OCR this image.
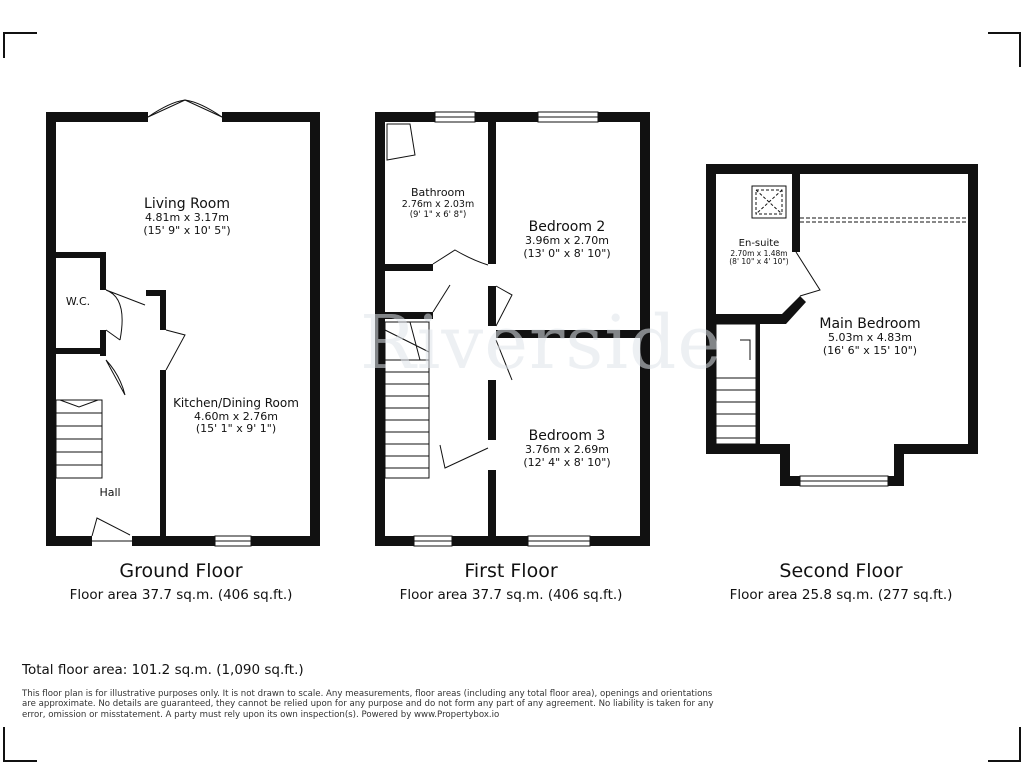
Riverside
Living Room
4.81m x 3.17m
(15' 9" x 10' 5")
W.C.
Kitchen/Dining Room
4.60m x 2.76m
(15' 1" x 9' 1")
Hall
Bathroom
2.76m x 2.03m
(9' 1" x 6' 8")
Bedroom 2
3.96m x 2.70m
(13' 0" x 8' 10")
Bedroom 3
3.76m x 2.69m
(12' 4" x 8' 10")
En-suite
2.70m x 1.48m
(8' 10" x 4' 10")
Main Bedroom
5.03m x 4.83m
(16' 6" x 15' 10")
Ground Floor
Floor area 37.7 sq.m. (406 sq.ft.)
First Floor
Floor area 37.7 sq.m. (406 sq.ft.)
Second Floor
Floor area 25.8 sq.m. (277 sq.ft.)
Total floor area: 101.2 sq.m. (1,090 sq.ft.)
This floor plan is for illustrative purposes only. It is not drawn to scale. Any measurements, floor areas (including any total floor area), openings and orientations are approximate. No details are guaranteed, they cannot be relied upon for any purpose and do not form any part of any agreement. No liability is taken for any error, omission or misstatement. A party must rely upon its own inspection(s). Powered by www.Propertybox.io
